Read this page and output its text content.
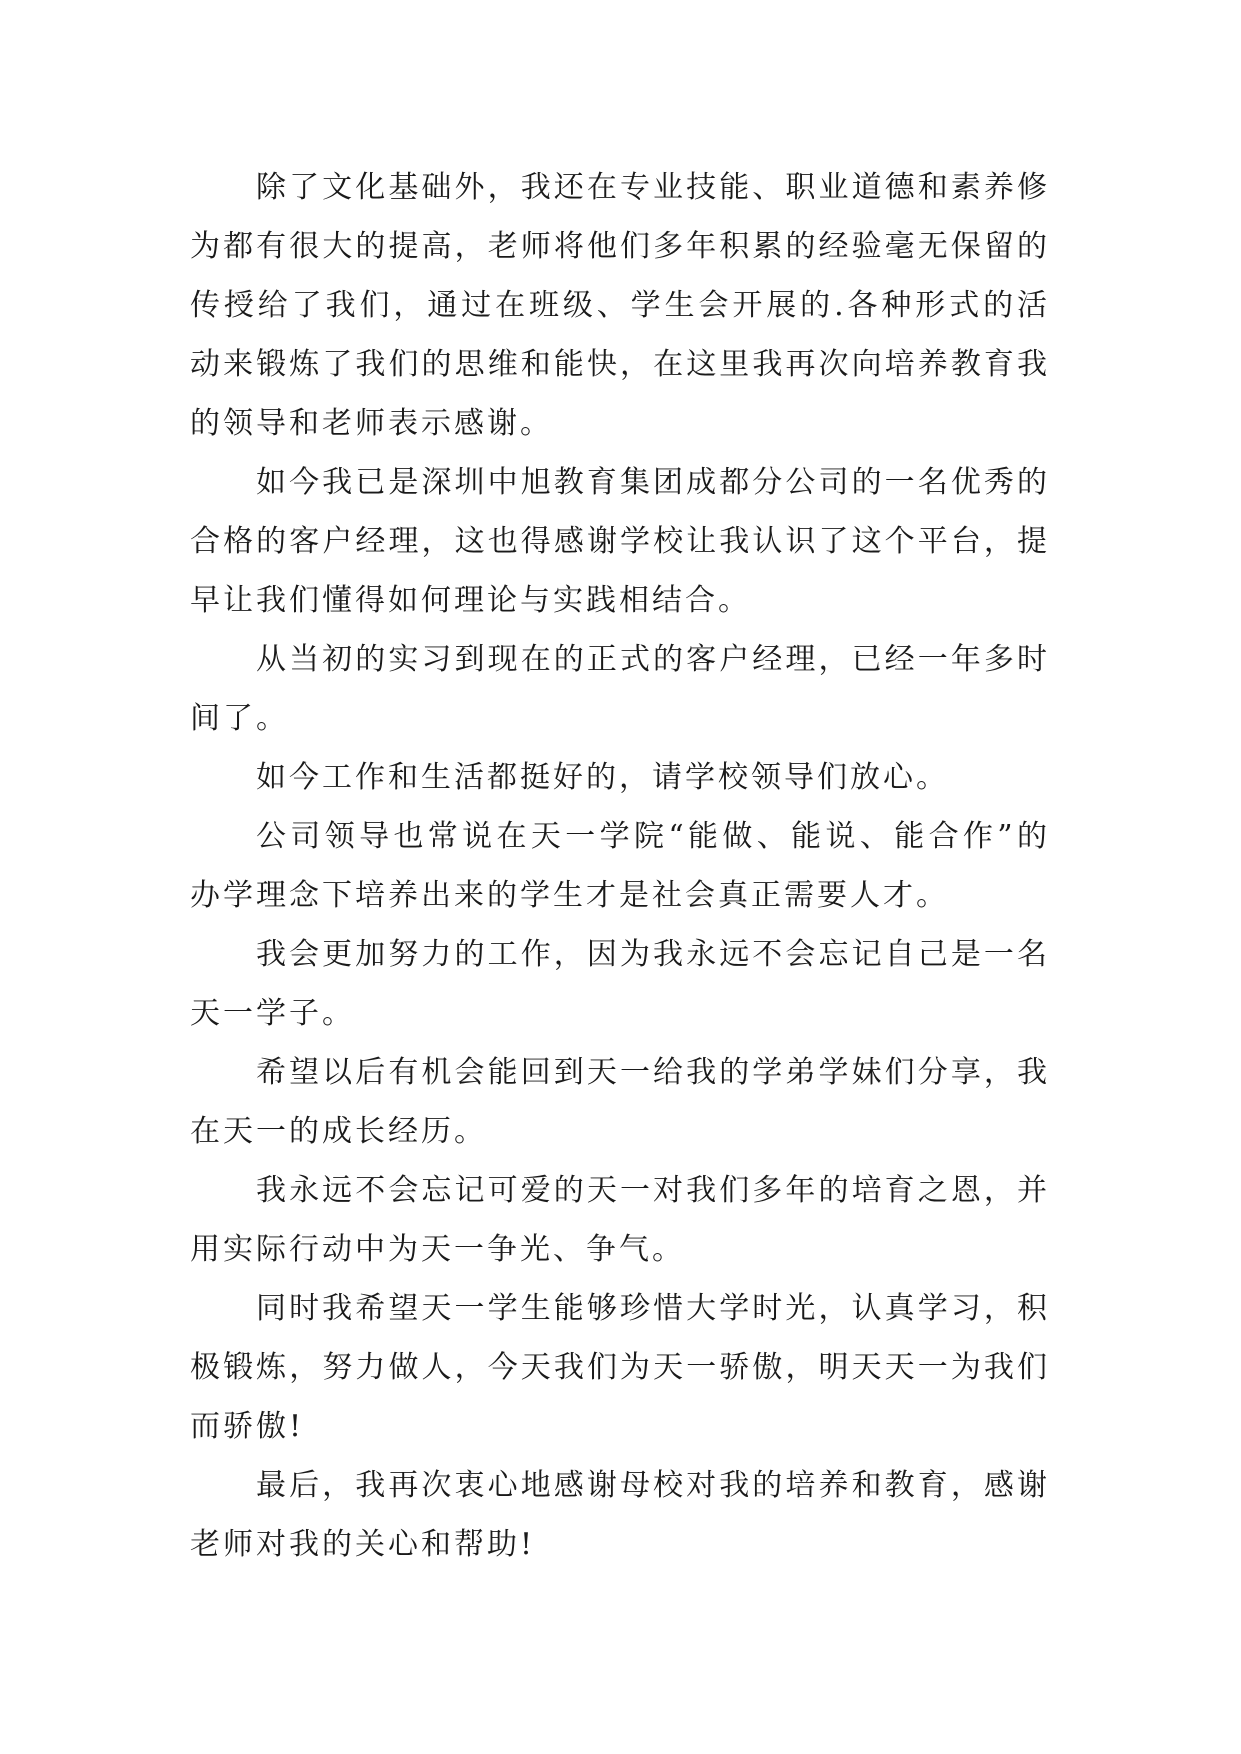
除了文化基础外，我还在专业技能、职业道德和素养修为都有很大的提高，老师将他们多年积累的经验毫无保留的传授给了我们，通过在班级、学生会开展的.各种形式的活动来锻炼了我们的思维和能快，在这里我再次向培养教育我的领导和老师表示感谢。

如今我已是深圳中旭教育集团成都分公司的一名优秀的合格的客户经理，这也得感谢学校让我认识了这个平台，提早让我们懂得如何理论与实践相结合。

从当初的实习到现在的正式的客户经理，已经一年多时间了。

如今工作和生活都挺好的，请学校领导们放心。

公司领导也常说在天一学院“能做、能说、能合作”的办学理念下培养出来的学生才是社会真正需要人才。

我会更加努力的工作，因为我永远不会忘记自己是一名天一学子。

希望以后有机会能回到天一给我的学弟学妹们分享，我在天一的成长经历。

我永远不会忘记可爱的天一对我们多年的培育之恩，并用实际行动中为天一争光、争气。

同时我希望天一学生能够珍惜大学时光，认真学习，积极锻炼，努力做人，今天我们为天一骄傲，明天天一为我们而骄傲!

最后，我再次衷心地感谢母校对我的培养和教育，感谢老师对我的关心和帮助!
